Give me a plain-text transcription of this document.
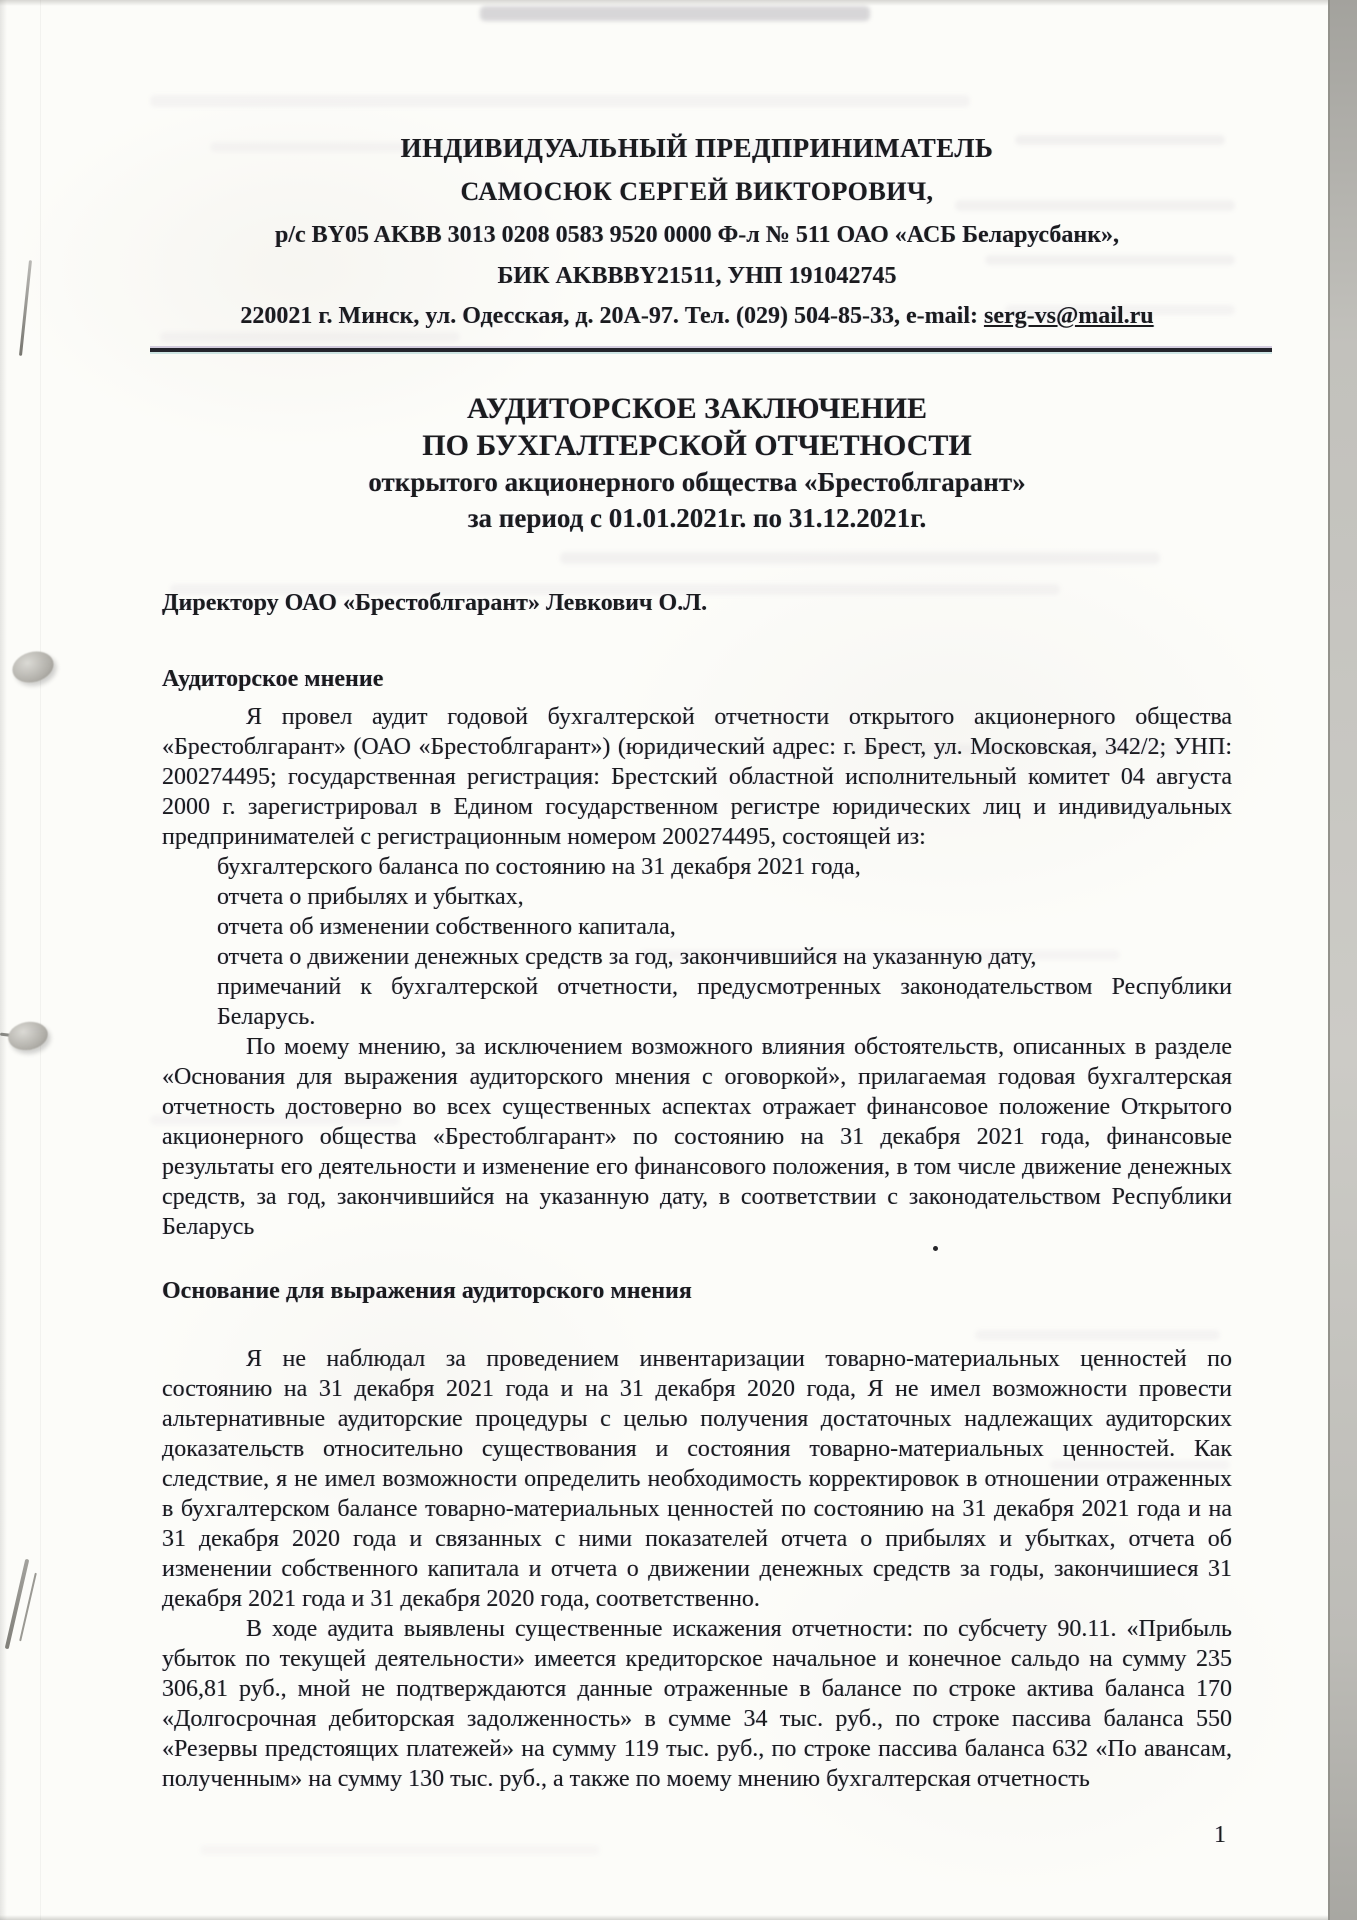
ИНДИВИДУАЛЬНЫЙ ПРЕДПРИНИМАТЕЛЬ
САМОСЮК СЕРГЕЙ ВИКТОРОВИЧ,
р/с BY05 AKBB 3013 0208 0583 9520 0000 Ф-л № 511 ОАО «АСБ Беларусбанк»,
БИК AKBBBY21511, УНП 191042745
220021 г. Минск, ул. Одесская, д. 20А-97. Тел. (029) 504-85-33, e-mail: serg-vs@mail.ru
АУДИТОРСКОЕ ЗАКЛЮЧЕНИЕ
ПО БУХГАЛТЕРСКОЙ ОТЧЕТНОСТИ
открытого акционерного общества «Брестоблгарант»
за период с 01.01.2021г. по 31.12.2021г.

Директору ОАО «Брестоблгарант» Левкович О.Л.

Аудиторское мнение

Я провел аудит годовой бухгалтерской отчетности открытого акционерного общества «Брестоблгарант» (ОАО «Брестоблгарант») (юридический адрес: г. Брест, ул. Московская, 342/2; УНП: 200274495; государственная регистрация: Брестский областной исполнительный комитет 04 августа 2000 г. зарегистрировал в Едином государственном регистре юридических лиц и индивидуальных предпринимателей с регистрационным номером 200274495, состоящей из:

бухгалтерского баланса по состоянию на 31 декабря 2021 года,
отчета о прибылях и убытках,
отчета об изменении собственного капитала,
отчета о движении денежных средств за год, закончившийся на указанную дату,
примечаний к бухгалтерской отчетности, предусмотренных законодательством Республики Беларусь.

По моему мнению, за исключением возможного влияния обстоятельств, описанных в разделе «Основания для выражения аудиторского мнения с оговоркой», прилагаемая годовая бухгалтерская отчетность достоверно во всех существенных аспектах отражает финансовое положение Открытого акционерного общества «Брестоблгарант» по состоянию на 31 декабря 2021 года, финансовые результаты его деятельности и изменение его финансового положения, в том числе движение денежных средств, за год, закончившийся на указанную дату, в соответствии с законодательством Республики Беларусь

Основание для выражения аудиторского мнения

Я не наблюдал за проведением инвентаризации товарно-материальных ценностей по состоянию на 31 декабря 2021 года и на 31 декабря 2020 года, Я не имел возможности провести альтернативные аудиторские процедуры с целью получения достаточных надлежащих аудиторских доказательств относительно существования и состояния товарно-материальных ценностей. Как следствие, я не имел возможности определить необходимость корректировок в отношении отраженных в бухгалтерском балансе товарно-материальных ценностей по состоянию на 31 декабря 2021 года и на 31 декабря 2020 года и связанных с ними показателей отчета о прибылях и убытках, отчета об изменении собственного капитала и отчета о движении денежных средств за годы, закончишиеся 31 декабря 2021 года и 31 декабря 2020 года, соответственно.

В ходе аудита выявлены существенные искажения отчетности: по субсчету 90.11. «Прибыль убыток по текущей деятельности» имеется кредиторское начальное и конечное сальдо на сумму 235 306,81 руб., мной не подтверждаются данные отраженные в балансе по строке актива баланса 170 «Долгосрочная дебиторская задолженность» в сумме 34 тыс. руб., по строке пассива баланса 550 «Резервы предстоящих платежей» на сумму 119 тыс. руб., по строке пассива баланса 632 «По авансам, полученным» на сумму 130 тыс. руб., а также по моему мнению бухгалтерская отчетность

1
